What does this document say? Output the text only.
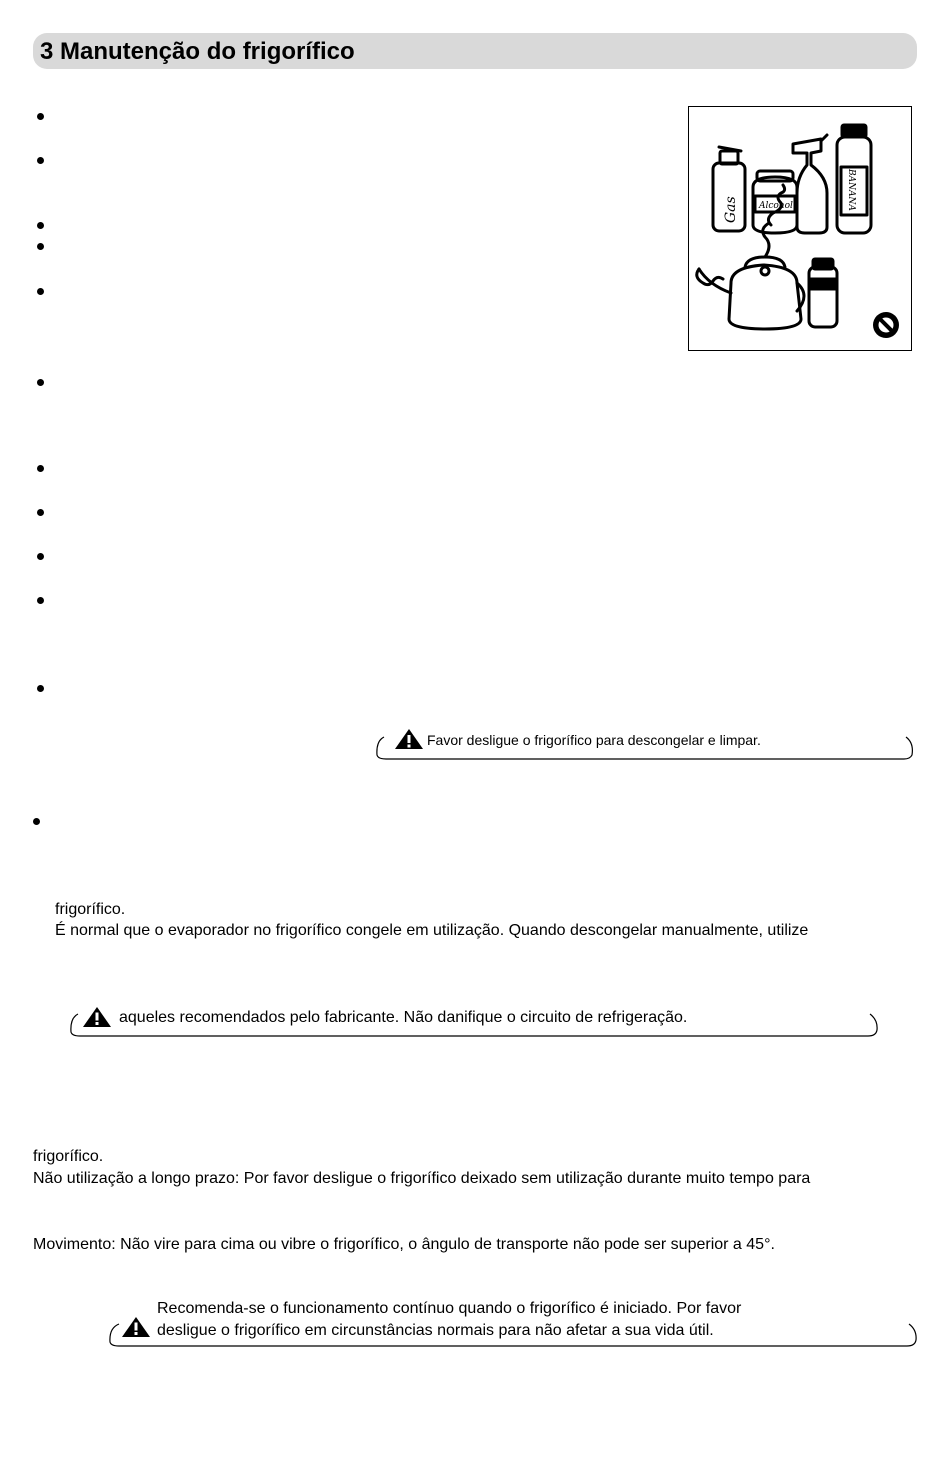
3 Manutenção do frigorífico
Gas Alcohol	BANANA
Favor desligue o frigorífico para descongelar e limpar.
frigorífico.
É normal que o evaporador no frigorífico congele em utilização. Quando descongelar manualmente, utilize
aqueles recomendados pelo fabricante. Não danifique o circuito de refrigeração.
frigorífico.
Não utilização a longo prazo: Por favor desligue o frigorífico deixado sem utilização durante muito tempo para
Movimento: Não vire para cima ou vibre o frigorífico, o ângulo de transporte não pode ser superior a 45°.
Recomenda-se o funcionamento contínuo quando o frigorífico é iniciado. Por favor
desligue o frigorífico em circunstâncias normais para não afetar a sua vida útil.
